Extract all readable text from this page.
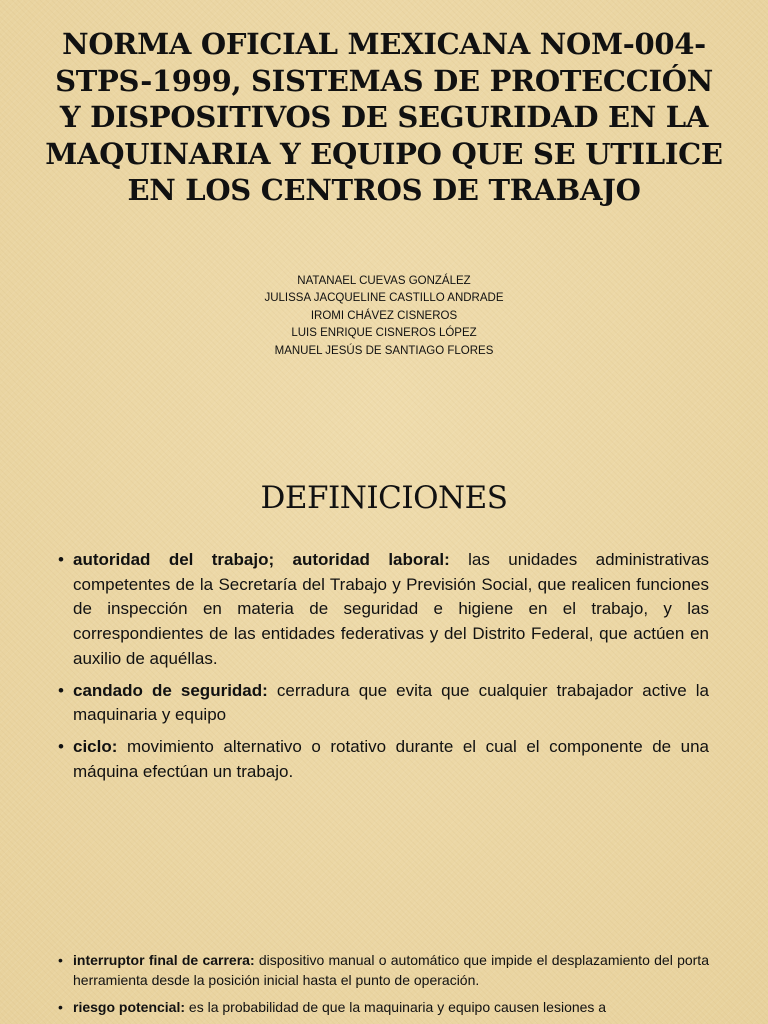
NORMA OFICIAL MEXICANA NOM-004-STPS-1999, SISTEMAS DE PROTECCIÓN Y DISPOSITIVOS DE SEGURIDAD EN LA MAQUINARIA Y EQUIPO QUE SE UTILICE EN LOS CENTROS DE TRABAJO
NATANAEL CUEVAS GONZÁLEZ
JULISSA JACQUELINE CASTILLO ANDRADE
IROMI CHÁVEZ CISNEROS
LUIS ENRIQUE CISNEROS LÓPEZ
MANUEL JESÚS DE SANTIAGO FLORES
DEFINICIONES
• autoridad del trabajo; autoridad laboral: las unidades administrativas competentes de la Secretaría del Trabajo y Previsión Social, que realicen funciones de inspección en materia de seguridad e higiene en el trabajo, y las correspondientes de las entidades federativas y del Distrito Federal, que actúen en auxilio de aquéllas.
• candado de seguridad: cerradura que evita que cualquier trabajador active la maquinaria y equipo
• ciclo: movimiento alternativo o rotativo durante el cual el componente de una máquina efectúan un trabajo.
• interruptor final de carrera: dispositivo manual o automático que impide el desplazamiento del porta herramienta desde la posición inicial hasta el punto de operación.
• riesgo potencial: es la probabilidad de que la maquinaria y equipo causen lesiones a
